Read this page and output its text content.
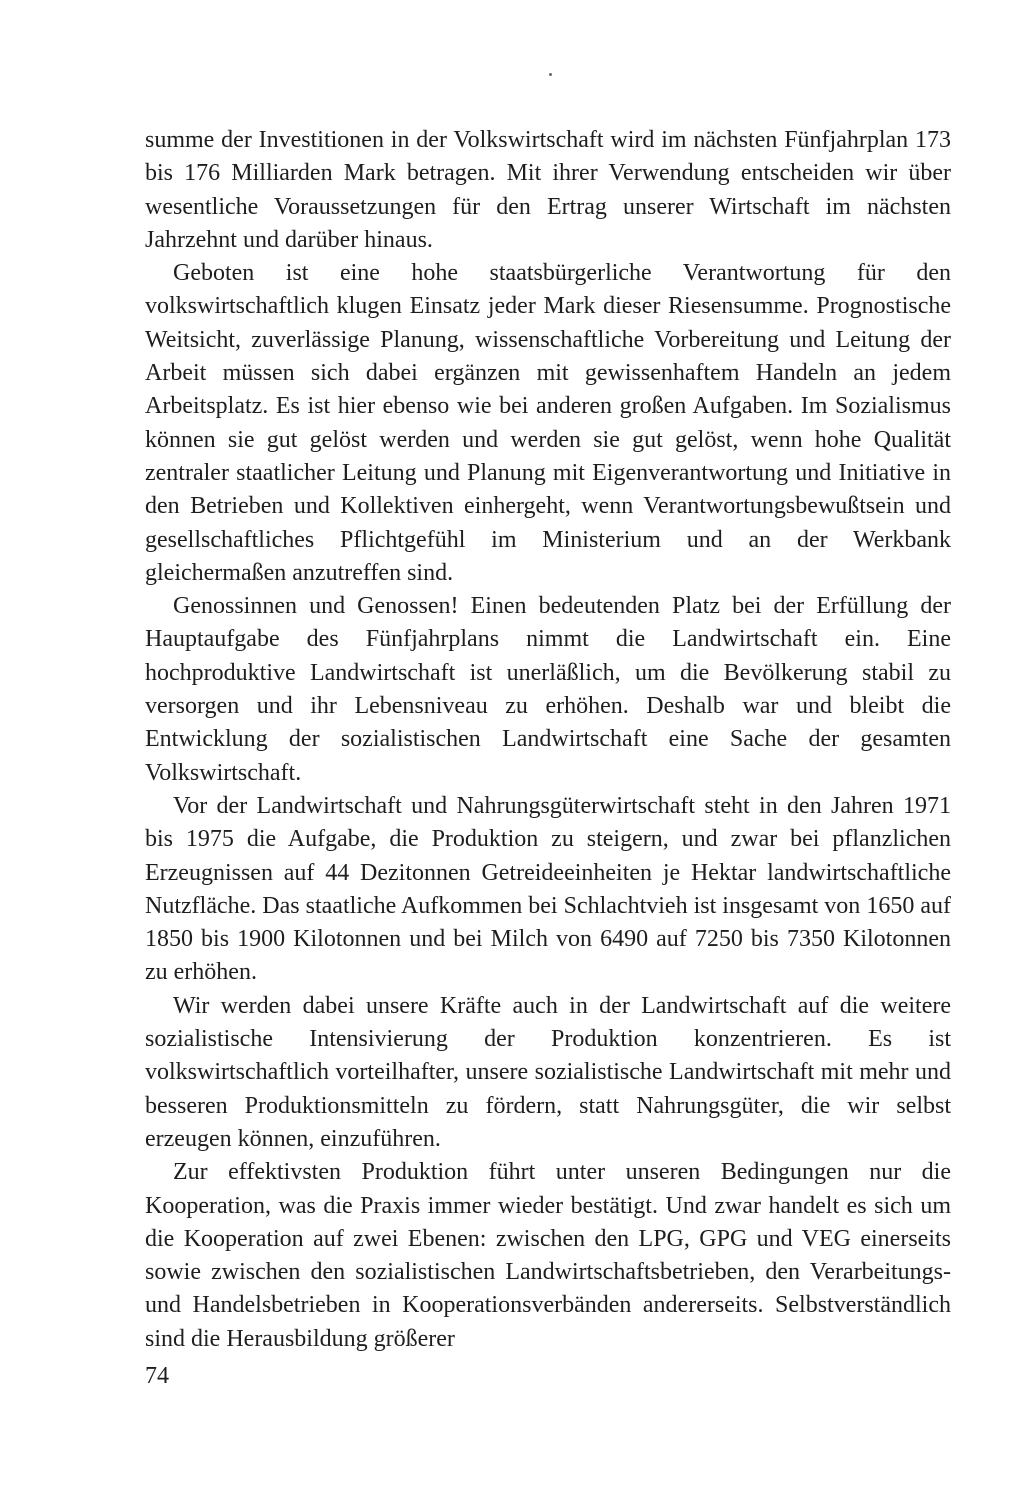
summe der Investitionen in der Volkswirtschaft wird im nächsten Fünfjahrplan 173 bis 176 Milliarden Mark betragen. Mit ihrer Verwendung entscheiden wir über wesentliche Voraussetzungen für den Ertrag unserer Wirtschaft im nächsten Jahrzehnt und darüber hinaus.

Geboten ist eine hohe staatsbürgerliche Verantwortung für den volkswirtschaftlich klugen Einsatz jeder Mark dieser Riesensumme. Prognostische Weitsicht, zuverlässige Planung, wissenschaftliche Vorbereitung und Leitung der Arbeit müssen sich dabei ergänzen mit gewissenhaftem Handeln an jedem Arbeitsplatz. Es ist hier ebenso wie bei anderen großen Aufgaben. Im Sozialismus können sie gut gelöst werden und werden sie gut gelöst, wenn hohe Qualität zentraler staatlicher Leitung und Planung mit Eigenverantwortung und Initiative in den Betrieben und Kollektiven einhergeht, wenn Verantwortungsbewußtsein und gesellschaftliches Pflichtgefühl im Ministerium und an der Werkbank gleichermaßen anzutreffen sind.

Genossinnen und Genossen! Einen bedeutenden Platz bei der Erfüllung der Hauptaufgabe des Fünfjahrplans nimmt die Landwirtschaft ein. Eine hochproduktive Landwirtschaft ist unerläßlich, um die Bevölkerung stabil zu versorgen und ihr Lebensniveau zu erhöhen. Deshalb war und bleibt die Entwicklung der sozialistischen Landwirtschaft eine Sache der gesamten Volkswirtschaft.

Vor der Landwirtschaft und Nahrungsgüterwirtschaft steht in den Jahren 1971 bis 1975 die Aufgabe, die Produktion zu steigern, und zwar bei pflanzlichen Erzeugnissen auf 44 Dezitonnen Getreideeinheiten je Hektar landwirtschaftliche Nutzfläche. Das staatliche Aufkommen bei Schlachtvieh ist insgesamt von 1650 auf 1850 bis 1900 Kilotonnen und bei Milch von 6490 auf 7250 bis 7350 Kilotonnen zu erhöhen.

Wir werden dabei unsere Kräfte auch in der Landwirtschaft auf die weitere sozialistische Intensivierung der Produktion konzentrieren. Es ist volkswirtschaftlich vorteilhafter, unsere sozialistische Landwirtschaft mit mehr und besseren Produktionsmitteln zu fördern, statt Nahrungsgüter, die wir selbst erzeugen können, einzuführen.

Zur effektivsten Produktion führt unter unseren Bedingungen nur die Kooperation, was die Praxis immer wieder bestätigt. Und zwar handelt es sich um die Kooperation auf zwei Ebenen: zwischen den LPG, GPG und VEG einerseits sowie zwischen den sozialistischen Landwirtschaftsbetrieben, den Verarbeitungs- und Handelsbetrieben in Kooperationsverbänden andererseits. Selbstverständlich sind die Herausbildung größerer

74
